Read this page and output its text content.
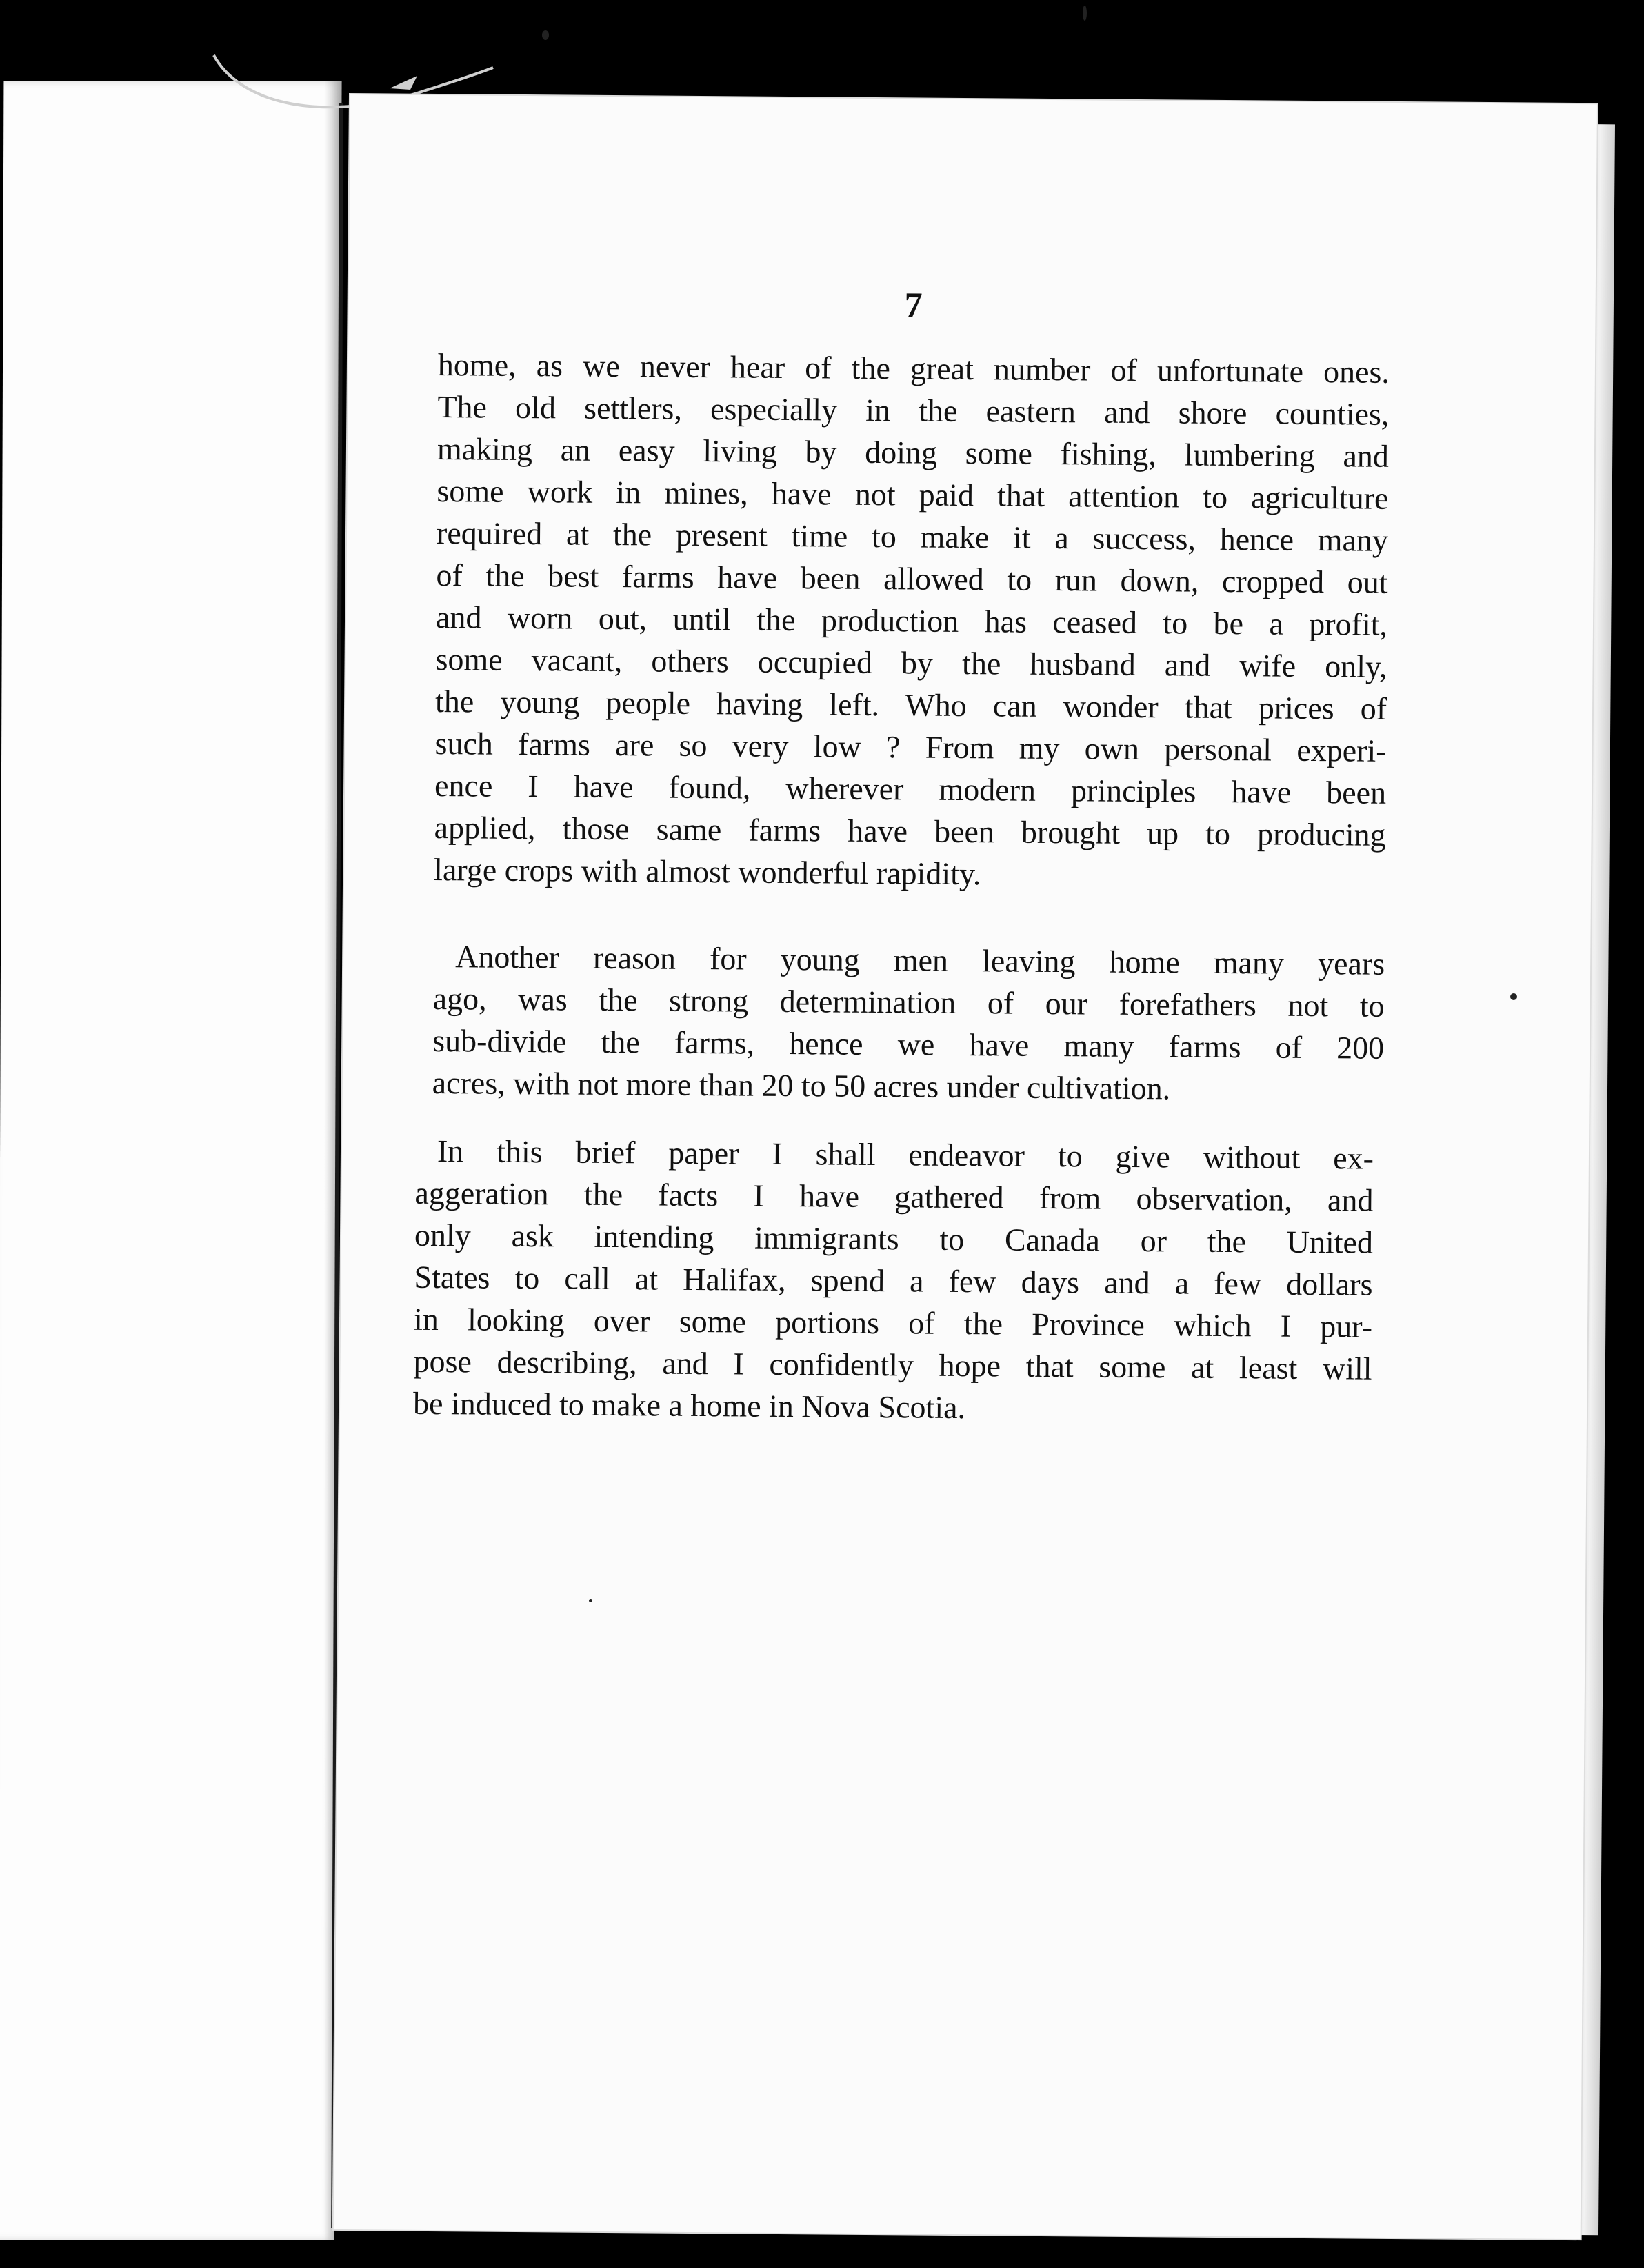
7
home, as we never hear of the great number of unfortunate ones.
The old settlers, especially in the eastern and shore counties,
making an easy living by doing some fishing, lumbering and
some work in mines, have not paid that attention to agriculture
required at the present time to make it a success, hence many
of the best farms have been allowed to run down, cropped out
and worn out, until the production has ceased to be a profit,
some vacant, others occupied by the husband and wife only,
the young people having left. Who can wonder that prices of
such farms are so very low ? From my own personal experi-
ence I have found, wherever modern principles have been
applied, those same farms have been brought up to producing
large crops with almost wonderful rapidity.
Another reason for young men leaving home many years
ago, was the strong determination of our forefathers not to
sub-divide the farms, hence we have many farms of 200
acres, with not more than 20 to 50 acres under cultivation.
In this brief paper I shall endeavor to give without ex-
aggeration the facts I have gathered from observation, and
only ask intending immigrants to Canada or the United
States to call at Halifax, spend a few days and a few dollars
in looking over some portions of the Province which I pur-
pose describing, and I confidently hope that some at least will
be induced to make a home in Nova Scotia.
